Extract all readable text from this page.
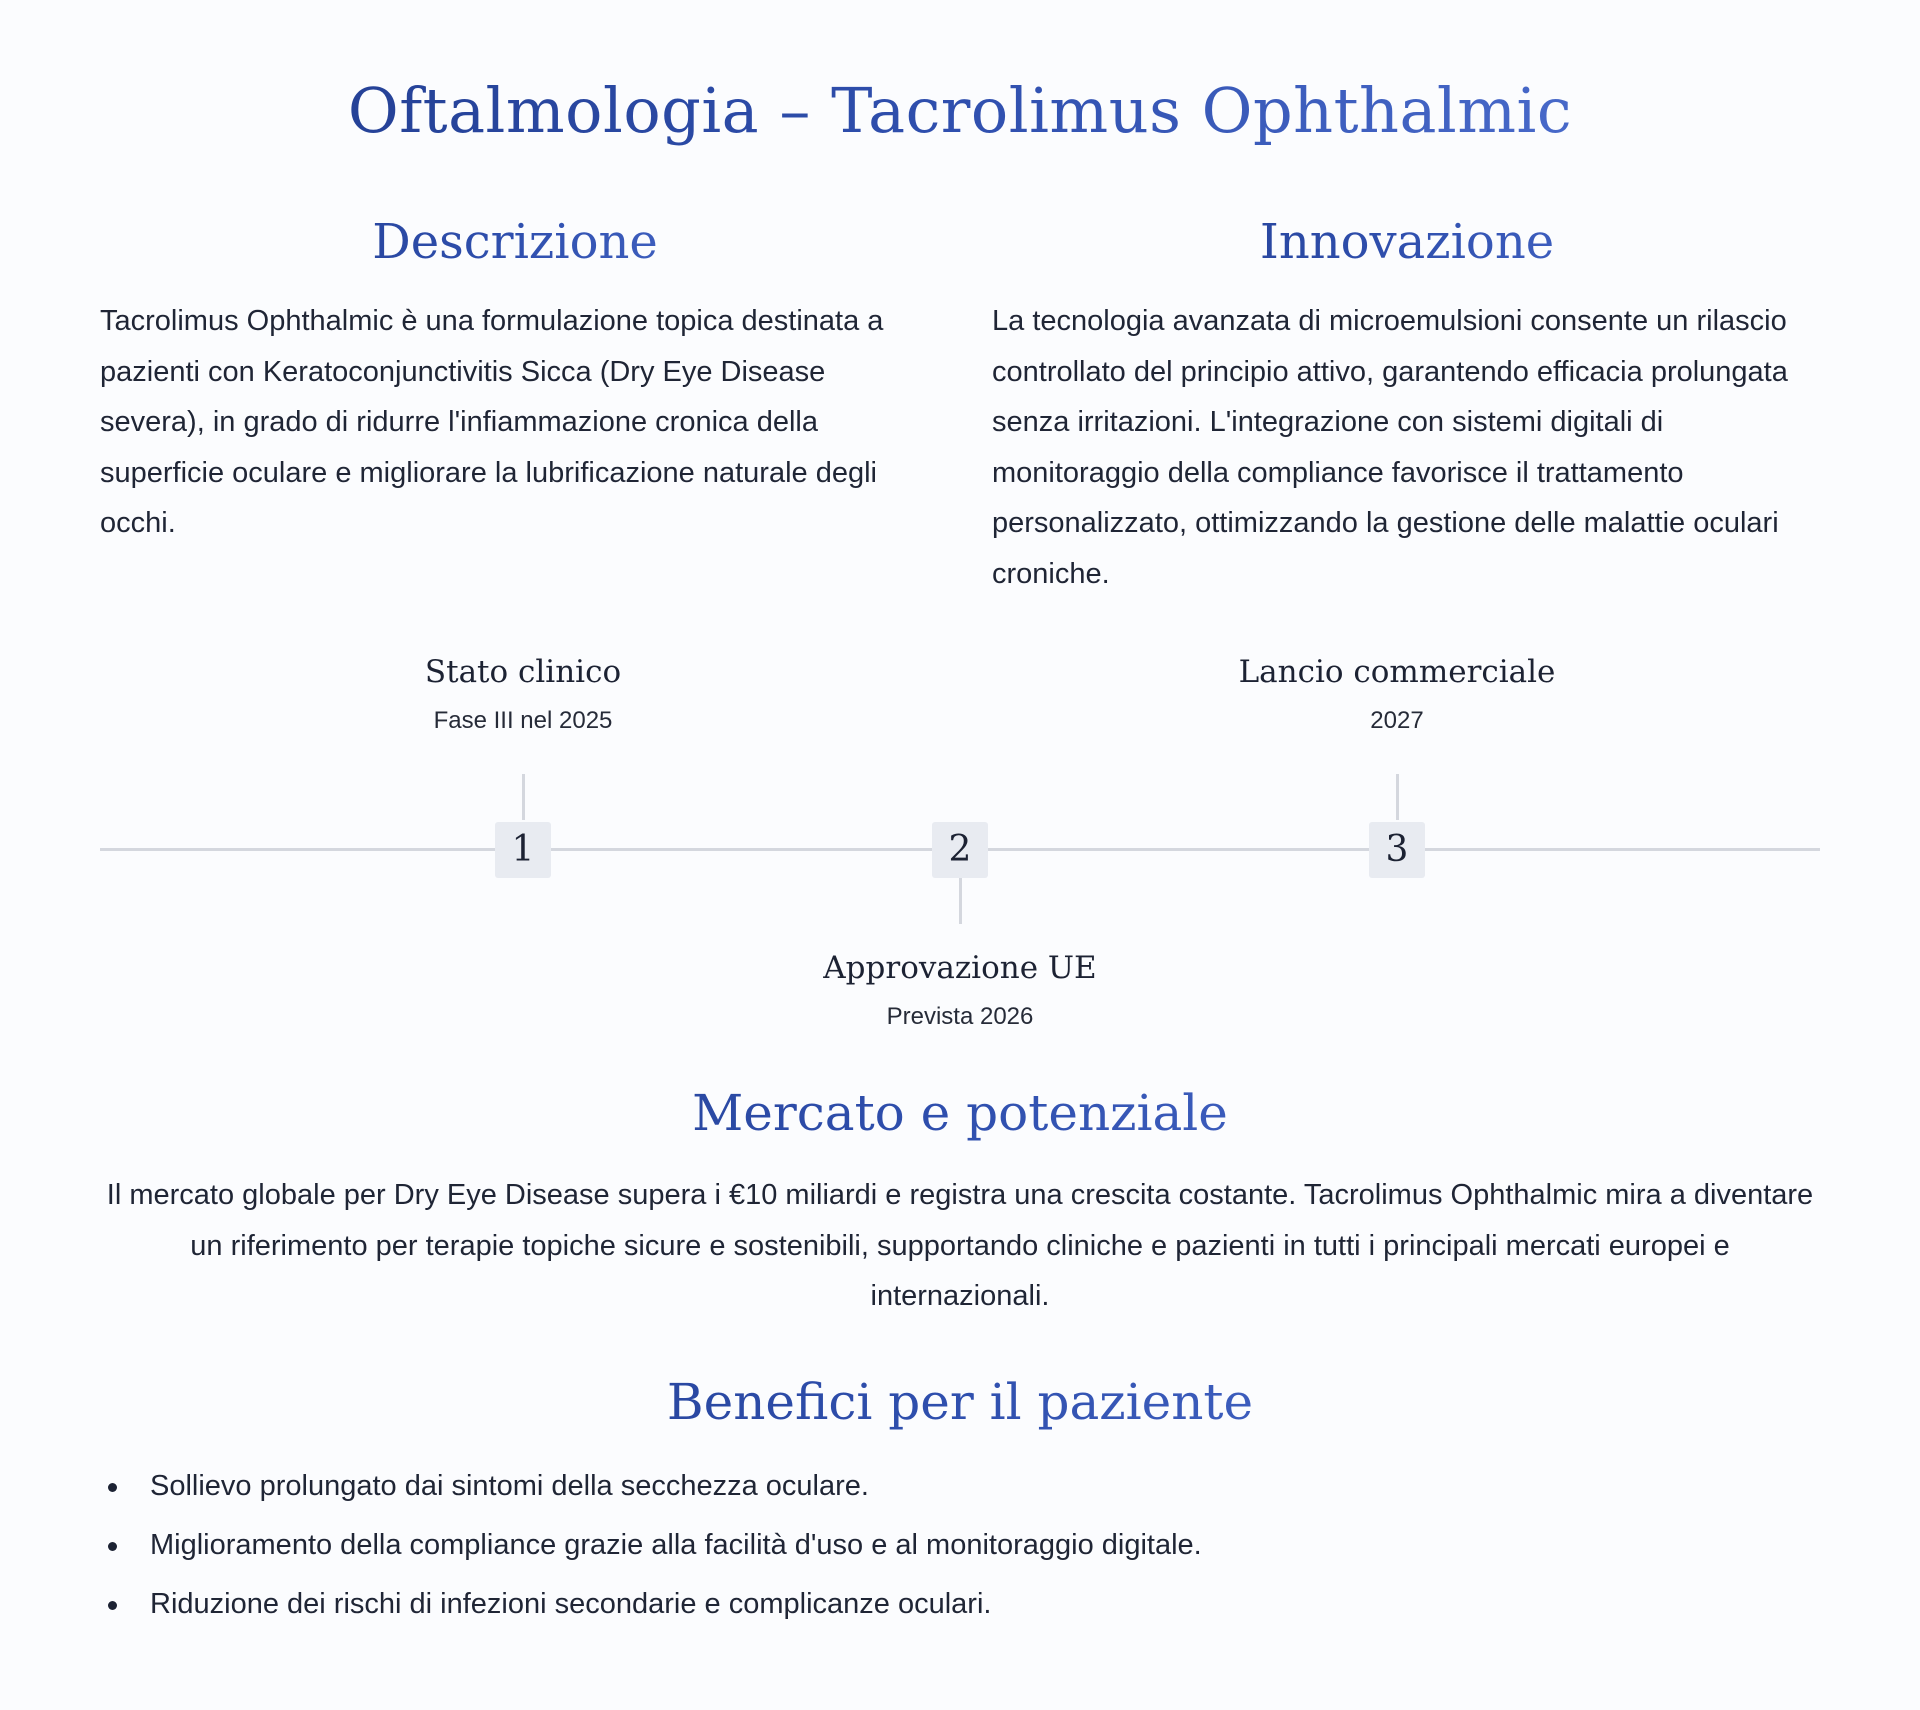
Oftalmologia – Tacrolimus Ophthalmic
Descrizione

Tacrolimus Ophthalmic è una formulazione topica destinata a pazienti con Keratoconjunctivitis Sicca (Dry Eye Disease severa), in grado di ridurre l'infiammazione cronica della superficie oculare e migliorare la lubrificazione naturale degli occhi.

Innovazione

La tecnologia avanzata di microemulsioni consente un rilascio controllato del principio attivo, garantendo efficacia prolungata senza irritazioni. L'integrazione con sistemi digitali di monitoraggio della compliance favorisce il trattamento personalizzato, ottimizzando la gestione delle malattie oculari croniche.

Stato clinico
Fase III nel 2025
1	2
Approvazione UE
Prevista 2026
Lancio commerciale
2027
3
Mercato e potenziale

Il mercato globale per Dry Eye Disease supera i €10 miliardi e registra una crescita costante. Tacrolimus Ophthalmic mira a diventare un riferimento per terapie topiche sicure e sostenibili, supportando cliniche e pazienti in tutti i principali mercati europei e internazionali.

Benefici per il paziente
Sollievo prolungato dai sintomi della secchezza oculare.
Miglioramento della compliance grazie alla facilità d'uso e al monitoraggio digitale.
Riduzione dei rischi di infezioni secondarie e complicanze oculari.
